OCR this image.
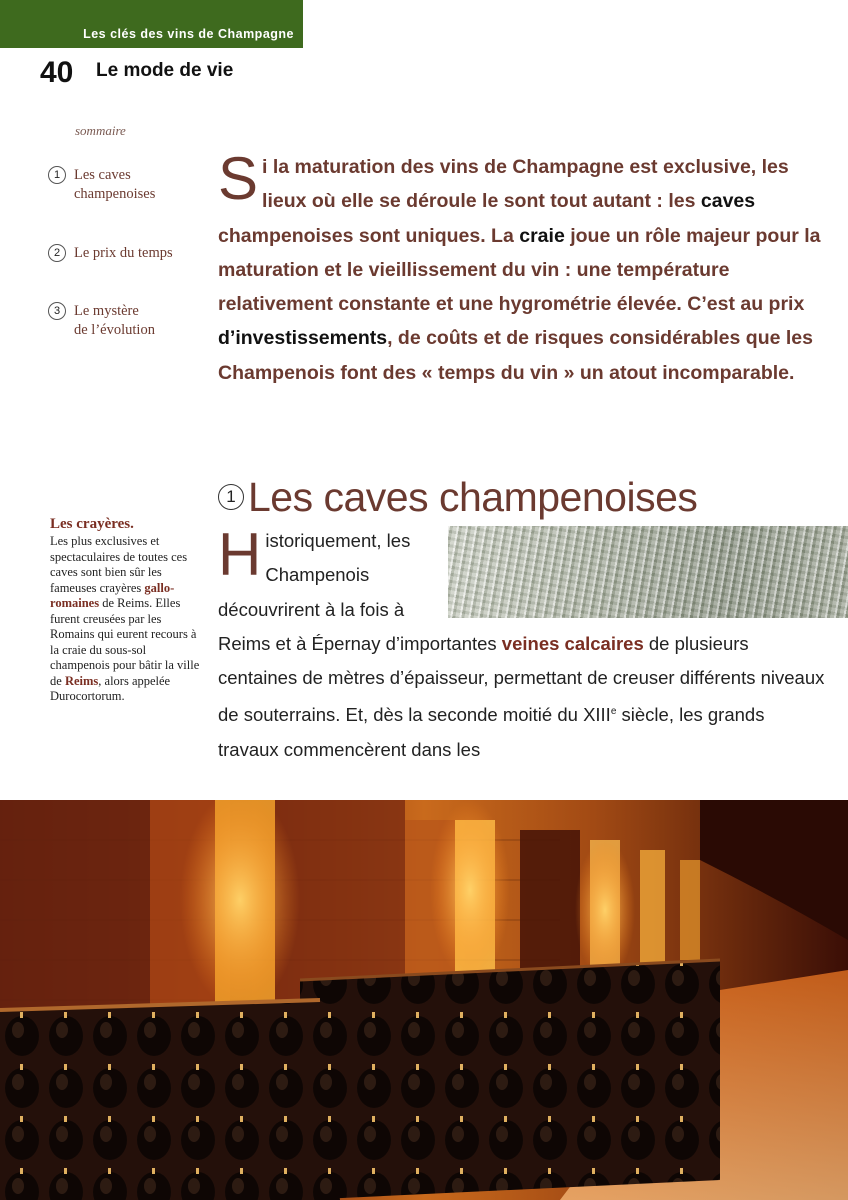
Les clés des vins de Champagne
40 Le mode de vie
sommaire
1 Les caves
champenoises
2 Le prix du temps
3 Le mystère
de l’évolution
Les crayères.

Les plus exclusives et spectaculaires de toutes ces caves sont bien sûr les fameuses crayères gallo-romaines de Reims. Elles furent creusées par les Romains qui eurent recours à la craie du sous-sol champenois pour bâtir la ville de Reims, alors appelée Durocortorum.

Si la maturation des vins de Champagne est exclusive, les lieux où elle se déroule le sont tout autant : les caves champenoises sont uniques. La craie joue un rôle majeur pour la maturation et le vieillissement du vin : une température relativement constante et une hygrométrie élevée. C’est au prix d’investissements, de coûts et de risques considérables que les Champenois font des « temps du vin » un atout incomparable.
1 Les caves champenoises
Historiquement, les Champenois découvrirent à la fois à Reims et à Épernay d’importantes veines calcaires de plusieurs centaines de mètres d’épaisseur, permettant de creuser différents niveaux de souterrains. Et, dès la seconde moitié du XIIIe siècle, les grands travaux commencèrent dans les
